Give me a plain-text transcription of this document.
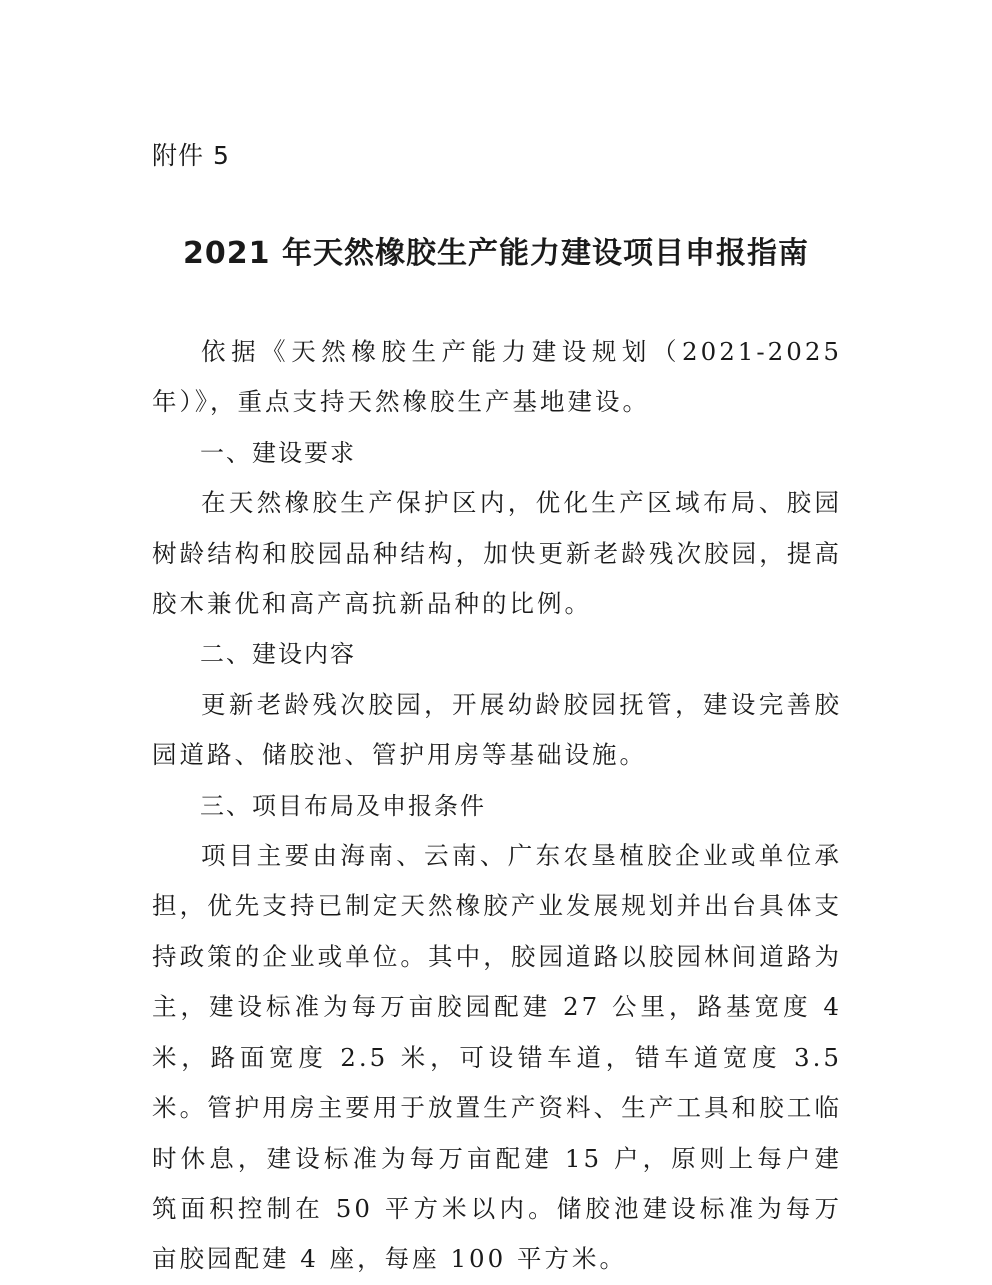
附件 5
2021 年天然橡胶生产能力建设项目申报指南

依据《天然橡胶生产能力建设规划（2021-2025 年）》，重点支持天然橡胶生产基地建设。

一、建设要求

在天然橡胶生产保护区内，优化生产区域布局、胶园树龄结构和胶园品种结构，加快更新老龄残次胶园，提高胶木兼优和高产高抗新品种的比例。

二、建设内容

更新老龄残次胶园，开展幼龄胶园抚管，建设完善胶园道路、储胶池、管护用房等基础设施。

三、项目布局及申报条件

项目主要由海南、云南、广东农垦植胶企业或单位承担，优先支持已制定天然橡胶产业发展规划并出台具体支持政策的企业或单位。其中，胶园道路以胶园林间道路为主，建设标准为每万亩胶园配建 27 公里，路基宽度 4 米，路面宽度 2.5 米，可设错车道，错车道宽度 3.5 米。管护用房主要用于放置生产资料、生产工具和胶工临时休息，建设标准为每万亩配建 15 户，原则上每户建筑面积控制在 50 平方米以内。储胶池建设标准为每万亩胶园配建 4 座，每座 100 平方米。
